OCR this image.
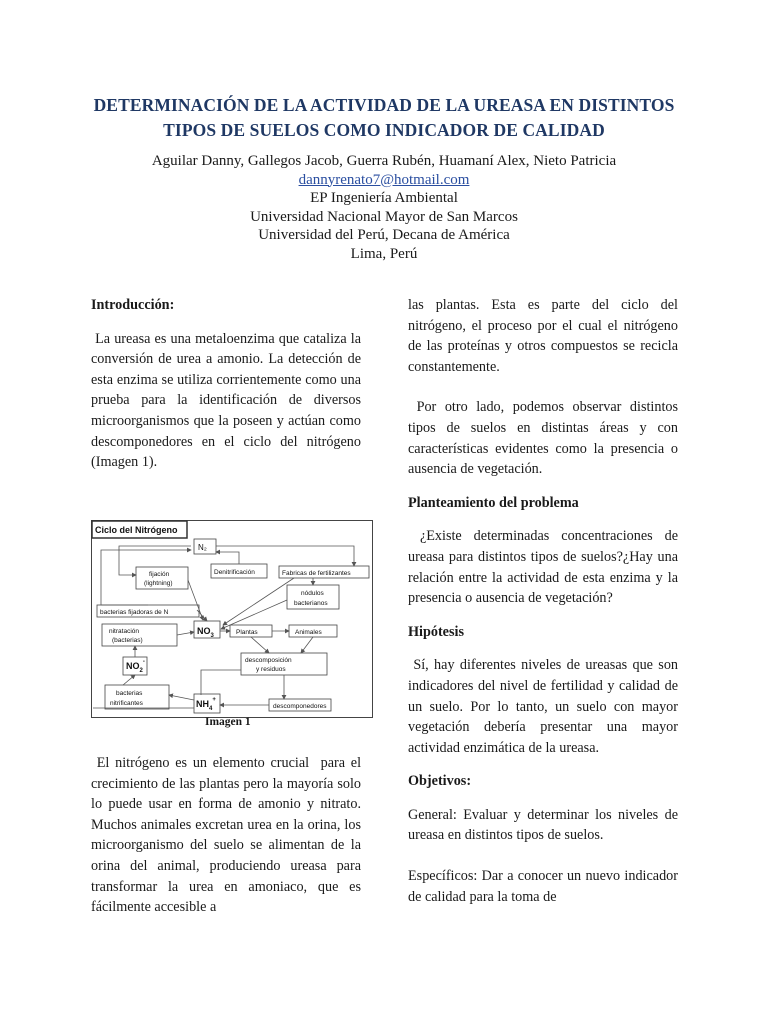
DETERMINACIÓN DE LA ACTIVIDAD DE LA UREASA EN DISTINTOS
TIPOS DE SUELOS COMO INDICADOR DE CALIDAD
Aguilar Danny, Gallegos Jacob, Guerra Rubén, Huamaní Alex, Nieto Patricia
dannyrenato7@hotmail.com
EP Ingeniería Ambiental
Universidad Nacional Mayor de San Marcos
Universidad del Perú, Decana de América
Lima, Perú

Introducción:

La ureasa es una metaloenzima que cataliza la conversión de urea a amonio. La detección de esta enzima se utiliza corrientemente como una prueba para la identificación de diversos microorganismos que la poseen y actúan como descomponedores en el ciclo del nitrógeno (Imagen 1).

Ciclo del Nitrógeno
N₂
fijación
(lightning)
Denitrificación	Fabricas de fertilizantes
nódulos
bacterianos
bacterias fijadoras de N
nitratación
(bacterias)
$NO_3$	Plantas	Animales
$NO_2^-$	descomposición
y residuos
bacterias
nitrificantes	$NH_4^+$
descomponedores
Imagen 1

El nitrógeno es un elemento crucial  para el crecimiento de las plantas pero la mayoría solo lo puede usar en forma de amonio y nitrato. Muchos animales excretan urea en la orina, los microorganismo del suelo se alimentan de la orina del animal, produciendo ureasa para transformar la urea en amoniaco, que es fácilmente accesible a

las plantas. Esta es parte del ciclo del nitrógeno, el proceso por el cual el nitrógeno de las proteínas y otros compuestos se recicla constantemente.

Por otro lado, podemos observar distintos tipos de suelos en distintas áreas y con características evidentes como la presencia o ausencia de vegetación.

Planteamiento del problema

¿Existe determinadas concentraciones de ureasa para distintos tipos de suelos?¿Hay una relación entre la actividad de esta enzima y la presencia o ausencia de vegetación?

Hipótesis

Sí, hay diferentes niveles de ureasas que son indicadores del nivel de fertilidad y calidad de un suelo. Por lo tanto, un suelo con mayor vegetación debería presentar una mayor actividad enzimática de la ureasa.

Objetivos:

General: Evaluar y determinar los niveles de ureasa en distintos tipos de suelos.

Específicos: Dar a conocer un nuevo indicador de calidad para la toma de
